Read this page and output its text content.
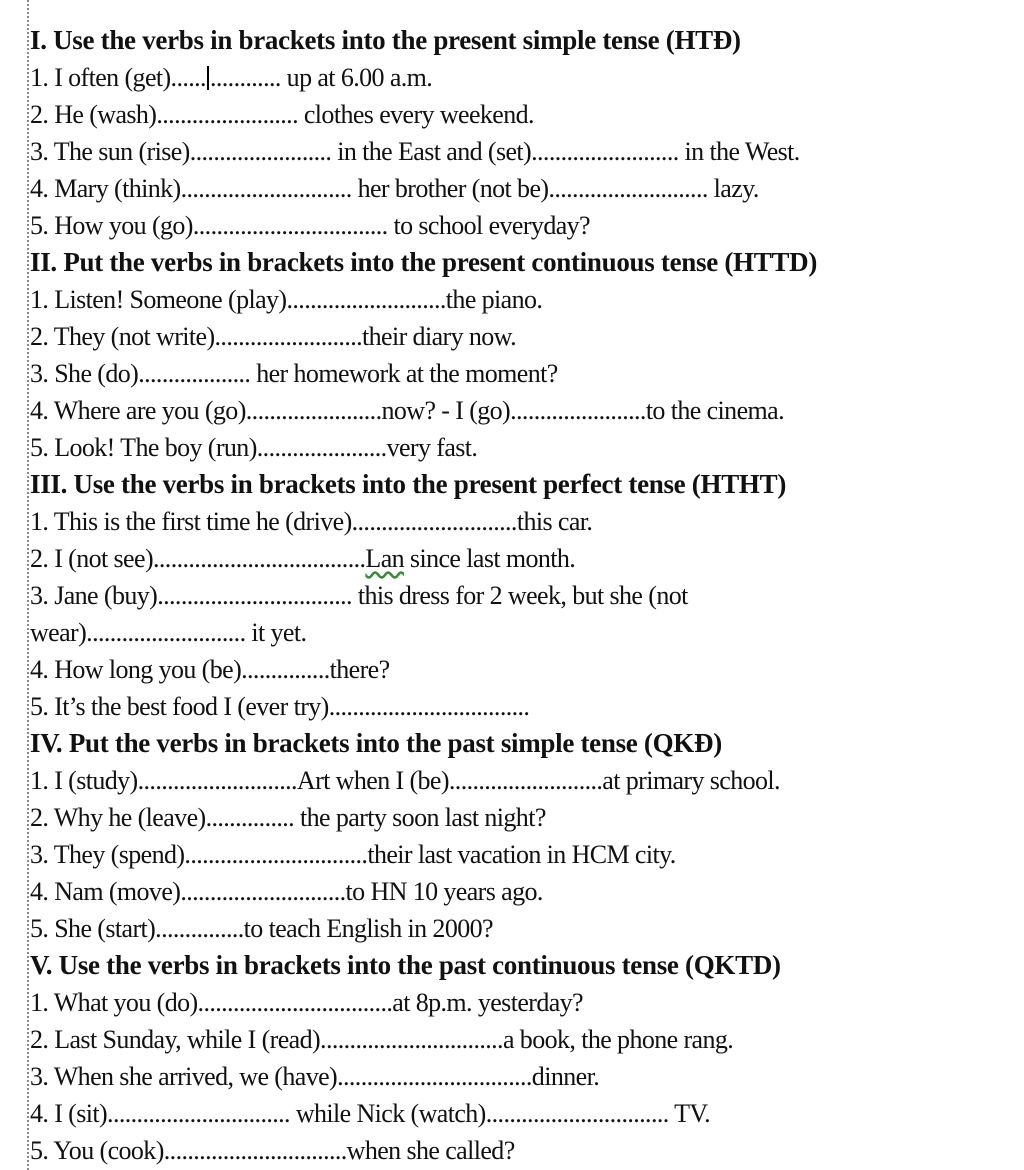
I. Use the verbs in brackets into the present simple tense (HTĐ)
1. I often (get)...... ............ up at 6.00 a.m.
2. He (wash)........................ clothes every weekend.
3. The sun (rise)........................ in the East and (set)......................... in the West.
4. Mary (think)............................. her brother (not be)........................... lazy.
5. How you (go)................................. to school everyday?
II. Put the verbs in brackets into the present continuous tense (HTTD)
1. Listen! Someone (play)...........................the piano.
2. They (not write).........................their diary now.
3. She (do)................... her homework at the moment?
4. Where are you (go).......................now? - I (go).......................to the cinema.
5. Look! The boy (run)......................very fast.
III. Use the verbs in brackets into the present perfect tense (HTHT)
1. This is the first time he (drive)............................this car.
2. I (not see)....................................Lan since last month.
3. Jane (buy)................................. this dress for 2 week, but she (not
wear)........................... it yet.
4. How long you (be)...............there?
5. It’s the best food I (ever try)..................................
IV. Put the verbs in brackets into the past simple tense (QKĐ)
1. I (study)...........................Art when I (be)..........................at primary school.
2. Why he (leave)............... the party soon last night?
3. They (spend)...............................their last vacation in HCM city.
4. Nam (move)............................to HN 10 years ago.
5. She (start)...............to teach English in 2000?
V. Use the verbs in brackets into the past continuous tense (QKTD)
1. What you (do).................................at 8p.m. yesterday?
2. Last Sunday, while I (read)...............................a book, the phone rang.
3. When she arrived, we (have).................................dinner.
4. I (sit)............................... while Nick (watch)............................... TV.
5. You (cook)...............................when she called?
